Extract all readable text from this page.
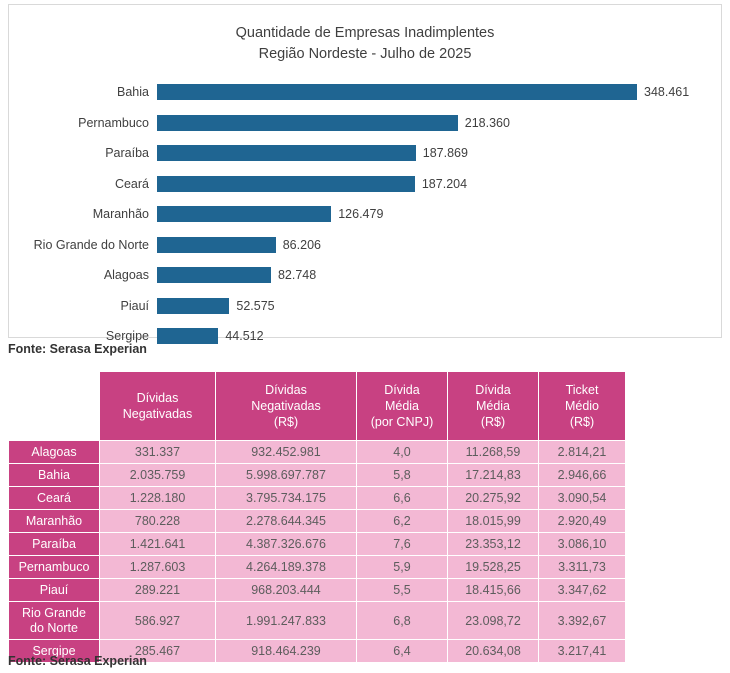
Quantidade de Empresas Inadimplentes
Região Nordeste - Julho de 2025
Bahia	348.461
Pernambuco	218.360
Paraíba	187.869
Ceará	187.204
Maranhão	126.479
Rio Grande do Norte	86.206
Alagoas	82.748
Piauí	52.575
Sergipe	44.512
Fonte: Serasa Experian

Dívidas
Negativadas

Dívidas
Negativadas
(R$)

Dívida
Média
(por CNPJ)

Dívida
Média
(R$)

Ticket
Médio
(R$)

Alagoas	331.337	932.452.981	4,0	11.268,59	2.814,21

Bahia	2.035.759	5.998.697.787	5,8	17.214,83	2.946,66

Ceará	1.228.180	3.795.734.175	6,6	20.275,92	3.090,54

Maranhão	780.228	2.278.644.345	6,2	18.015,99	2.920,49

Paraíba	1.421.641	4.387.326.676	7,6	23.353,12	3.086,10

Pernambuco	1.287.603	4.264.189.378	5,9	19.528,25	3.311,73

Piauí	289.221	968.203.444	5,5	18.415,66	3.347,62

Rio Grande
do Norte	586.927	1.991.247.833	6,8	23.098,72	3.392,67

Sergipe	285.467	918.464.239	6,4	20.634,08	3.217,41
Fonte: Serasa Experian
